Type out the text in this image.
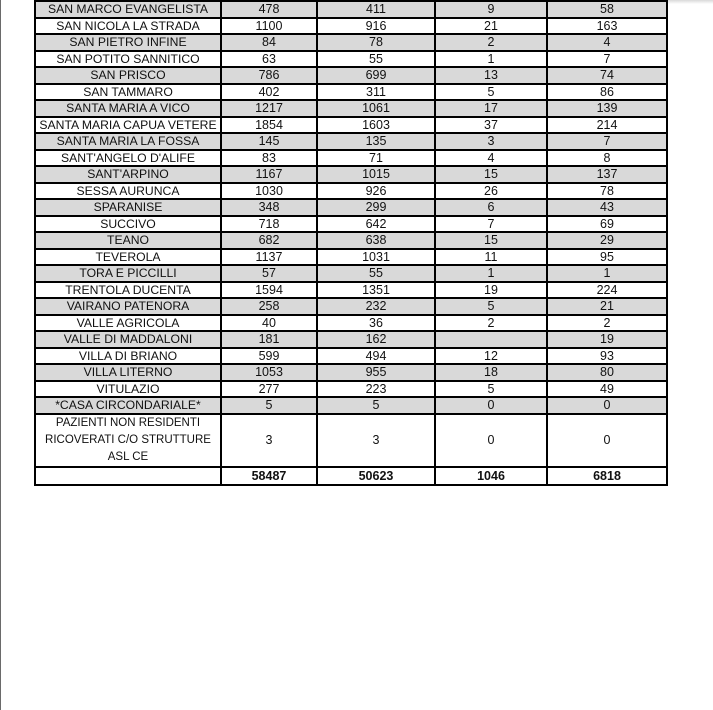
SAN MARCO EVANGELISTA	478	411	9	58
SAN NICOLA LA STRADA	1100	916	21	163
SAN PIETRO INFINE	84	78	2	4
SAN POTITO SANNITICO	63	55	1	7
SAN PRISCO	786	699	13	74
SAN TAMMARO	402	311	5	86
SANTA MARIA A VICO	1217	1061	17	139
SANTA MARIA CAPUA VETERE	1854	1603	37	214
SANTA MARIA LA FOSSA	145	135	3	7
SANT'ANGELO D'ALIFE	83	71	4	8
SANT'ARPINO	1167	1015	15	137
SESSA AURUNCA	1030	926	26	78
SPARANISE	348	299	6	43
SUCCIVO	718	642	7	69
TEANO	682	638	15	29
TEVEROLA	1137	1031	11	95
TORA E PICCILLI	57	55	1	1
TRENTOLA DUCENTA	1594	1351	19	224
VAIRANO PATENORA	258	232	5	21
VALLE AGRICOLA	40	36	2	2
VALLE DI MADDALONI	181	162		19
VILLA DI BRIANO	599	494	12	93
VILLA LITERNO	1053	955	18	80
VITULAZIO	277	223	5	49
*CASA CIRCONDARIALE*	5	5	0	0
PAZIENTI NON RESIDENTI RICOVERATI C/O STRUTTURE ASL CE	3	3	0	0
	58487	50623	1046	6818
